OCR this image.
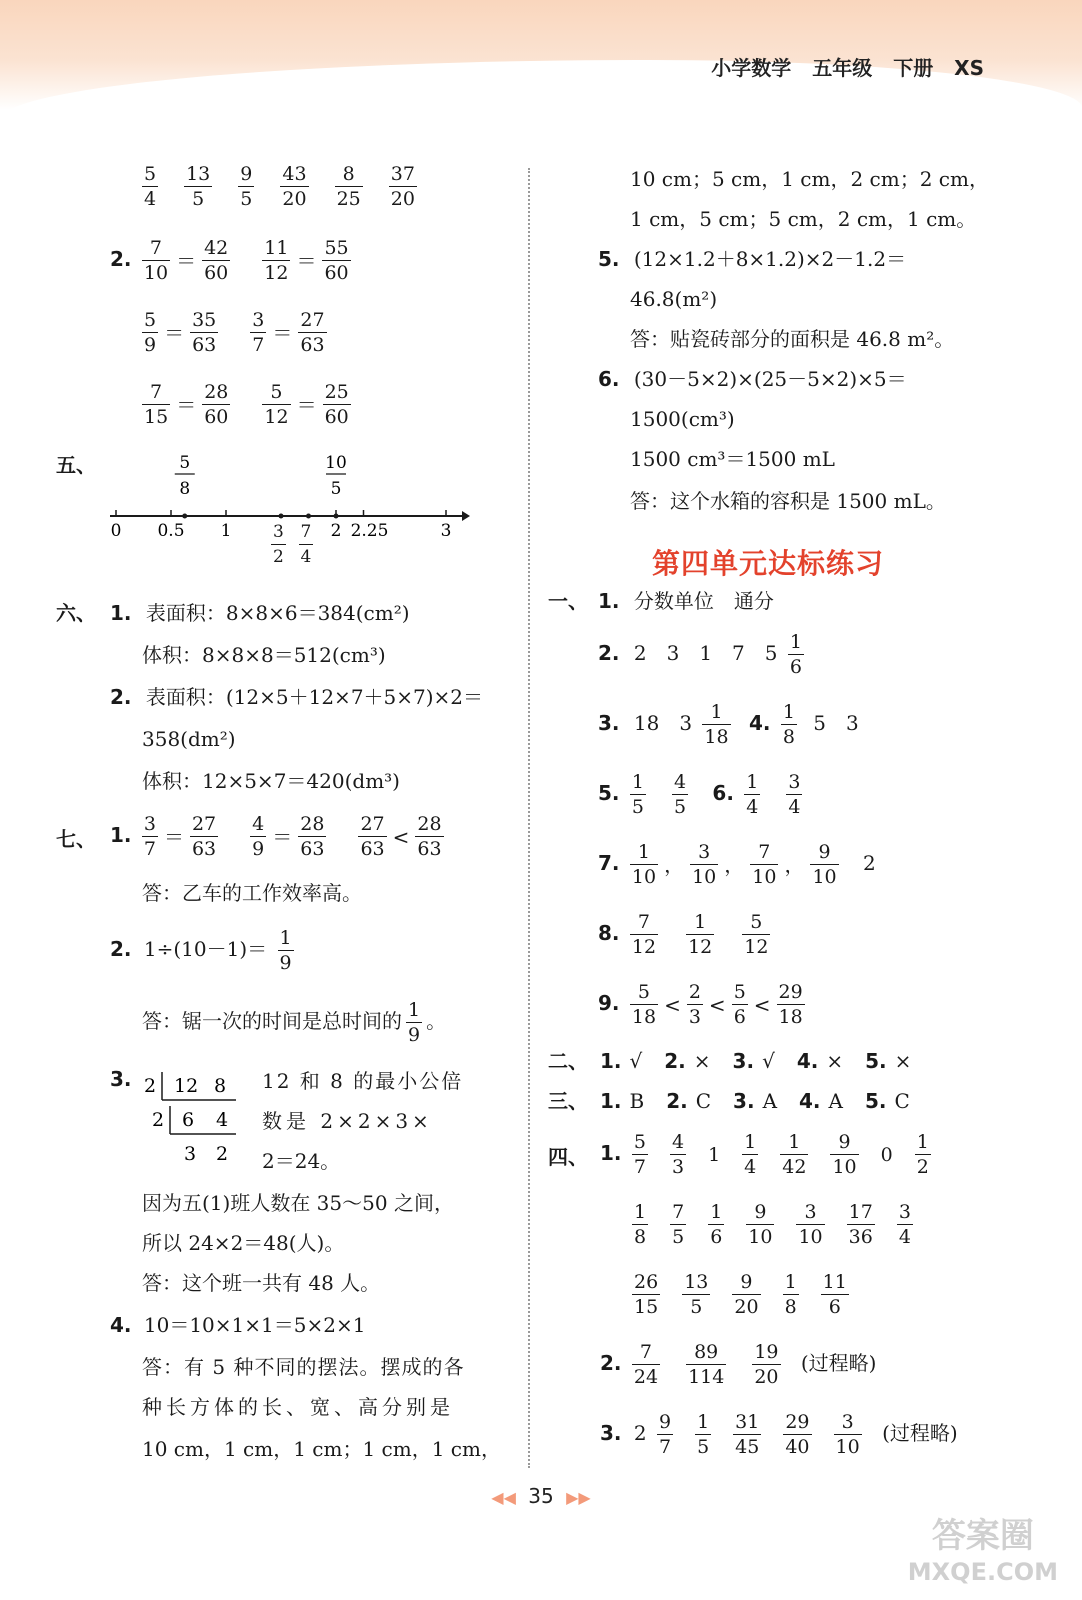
小学数学 五年级 下册 XS
$\frac{5}{4} \frac{13}{5} \frac{9}{5} \frac{43}{20} \frac{8}{25} \frac{37}{20}$
2. $\frac{7}{10} = \frac{42}{60}$
  $\frac{11}{12} = \frac{55}{60}$
$\frac{5}{9} = \frac{35}{63}$
  $\frac{3}{7} = \frac{27}{63}$
$\frac{7}{15} = \frac{28}{60}$
  $\frac{5}{12} = \frac{25}{60}$
五、	5
8
10
5
0 0.5 1	2 2.25	3
六、 1. 表面积：8×8×6＝384(cm²)
体积：8×8×8＝512(cm³)
2. 表面积：(12×5＋12×7＋5×7)×2＝
358(dm²)
体积：12×5×7＝420(dm³)
七、 1. $\frac{3}{7} = \frac{27}{63}$
  $\frac{4}{9} = \frac{28}{63}$
  $\frac{27}{63} < \frac{28}{63}$
答：乙车的工作效率高。
2. $1\div(10-1)= \frac{1}{9}$
答：锯一次的时间是总时间的 $\frac{1}{9}$ 。
3. 2 12 8
2 6 4
3 2
12 和 8 的最小公倍
数是 2×2×3×
2＝24。
因为五(1)班人数在 35～50 之间，
所以 24×2＝48(人)。
答：这个班一共有 48 人。
4. 10＝10×1×1＝5×2×1
答：有 5 种不同的摆法。摆成的各
种长方体的长、宽、高分别是
10 cm，1 cm，1 cm；1 cm，1 cm，
10 cm；5 cm，1 cm，2 cm；2 cm，
1 cm，5 cm；5 cm，2 cm，1 cm。
5. (12×1.2＋8×1.2)×2－1.2＝
46.8(m²)
答：贴瓷砖部分的面积是 46.8 m²。
6. (30－5×2)×(25－5×2)×5＝
1500(cm³)
1500 cm³＝1500 mL
答：这个水箱的容积是 1500 mL。
第四单元达标练习
一、 1. 分数单位　通分
2. 2　3　1　7　$5 \frac{1}{6}$
3. 18　$3 \frac{1}{18} 4$. $\frac{1}{8} 5$　3
5. $\frac{1}{5} \frac{4}{5} 6$. $\frac{1}{4} \frac{3}{4}$
7. $\frac{1}{10}$ ， $\frac{3}{10}$ ， $\frac{7}{10}$ ， $\frac{9}{10} 2$
8. $\frac{7}{12} \frac{1}{12} \frac{5}{12}$
9. $\frac{5}{18} < \frac{2}{3} < \frac{5}{6} < \frac{29}{18}$
二、 1. √ 2. × 3. √ 4. × 5. ×
三、 1. B 2. C 3. A 4. A 5. C
四、 1. $\frac{5}{7} \frac{4}{3} 1 \frac{1}{4} \frac{1}{42} \frac{9}{10} 0 \frac{1}{2}$
$\frac{1}{8} \frac{7}{5} \frac{1}{6} \frac{9}{10} \frac{3}{10} \frac{17}{36} \frac{3}{4}$
$\frac{26}{15} \frac{13}{5} \frac{9}{20} \frac{1}{8} \frac{11}{6}$
2. $\frac{7}{24} \frac{89}{114} \frac{19}{20}$ (过程略)
3. $2 \frac{9}{7} \frac{1}{5} \frac{31}{45} \frac{29}{40} \frac{3}{10}$ (过程略)
◀◀ 35 ▶▶
答案圈
MXQE.COM
$\frac{3}{2} \frac{7}{4}$
